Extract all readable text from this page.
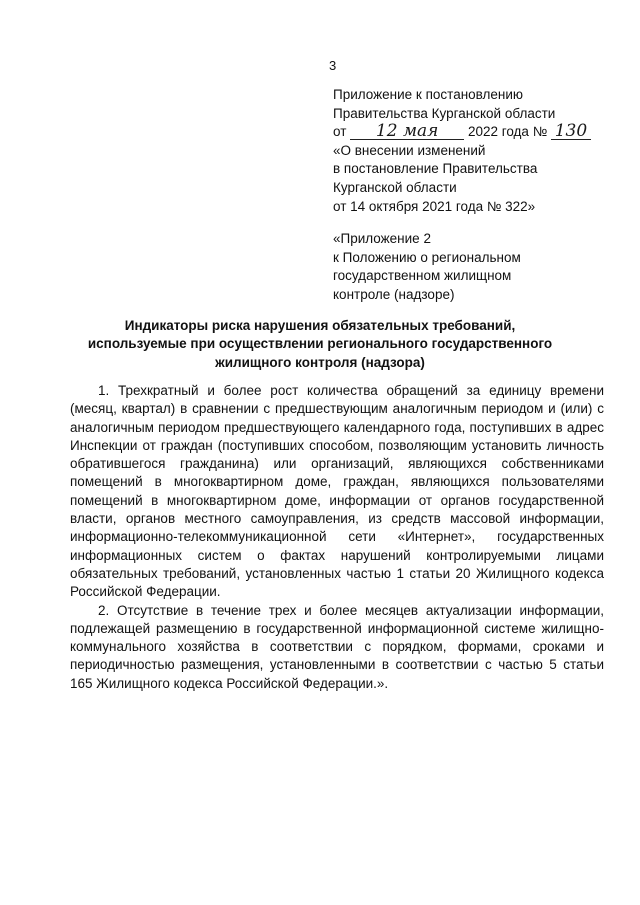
3
Приложение к постановлению
Правительства Курганской области
от 12 мая 2022 года № 130
«О внесении изменений
в постановление Правительства
Курганской области
от 14 октября 2021 года № 322»
«Приложение 2
к Положению о региональном
государственном жилищном
контроле (надзоре)
Индикаторы риска нарушения обязательных требований,
используемые при осуществлении регионального государственного
жилищного контроля (надзора)

1. Трехкратный и более рост количества обращений за единицу времени (месяц, квартал) в сравнении с предшествующим аналогичным периодом и (или) с аналогичным периодом предшествующего календарного года, поступивших в адрес Инспекции от граждан (поступивших способом, позволяющим установить личность обратившегося гражданина) или организаций, являющихся собственниками помещений в многоквартирном доме, граждан, являющихся пользователями помещений в многоквартирном доме, информации от органов государственной власти, органов местного самоуправления, из средств массовой информации, информационно-телекоммуникационной сети «Интернет», государственных информационных систем о фактах нарушений контролируемыми лицами обязательных требований, установленных частью 1 статьи 20 Жилищного кодекса Российской Федерации.

2. Отсутствие в течение трех и более месяцев актуализации информации, подлежащей размещению в государственной информационной системе жилищно-коммунального хозяйства в соответствии с порядком, формами, сроками и периодичностью размещения, установленными в соответствии с частью 5 статьи 165 Жилищного кодекса Российской Федерации.».
